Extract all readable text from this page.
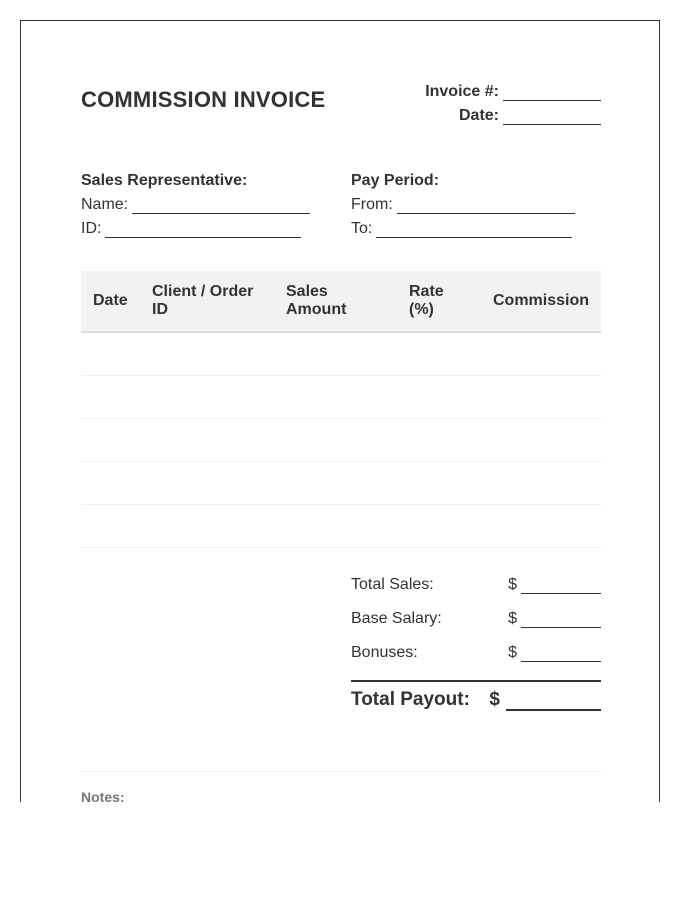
COMMISSION INVOICE	Invoice #:
Date:
Sales Representative:
Name:
ID:
Pay Period:
From:
To:
Date	Client / Order ID	Sales Amount	Rate (%)	Commission

Total Sales:	$
Base Salary:	$
Bonuses:	$
Total Payout:	$
Notes:
